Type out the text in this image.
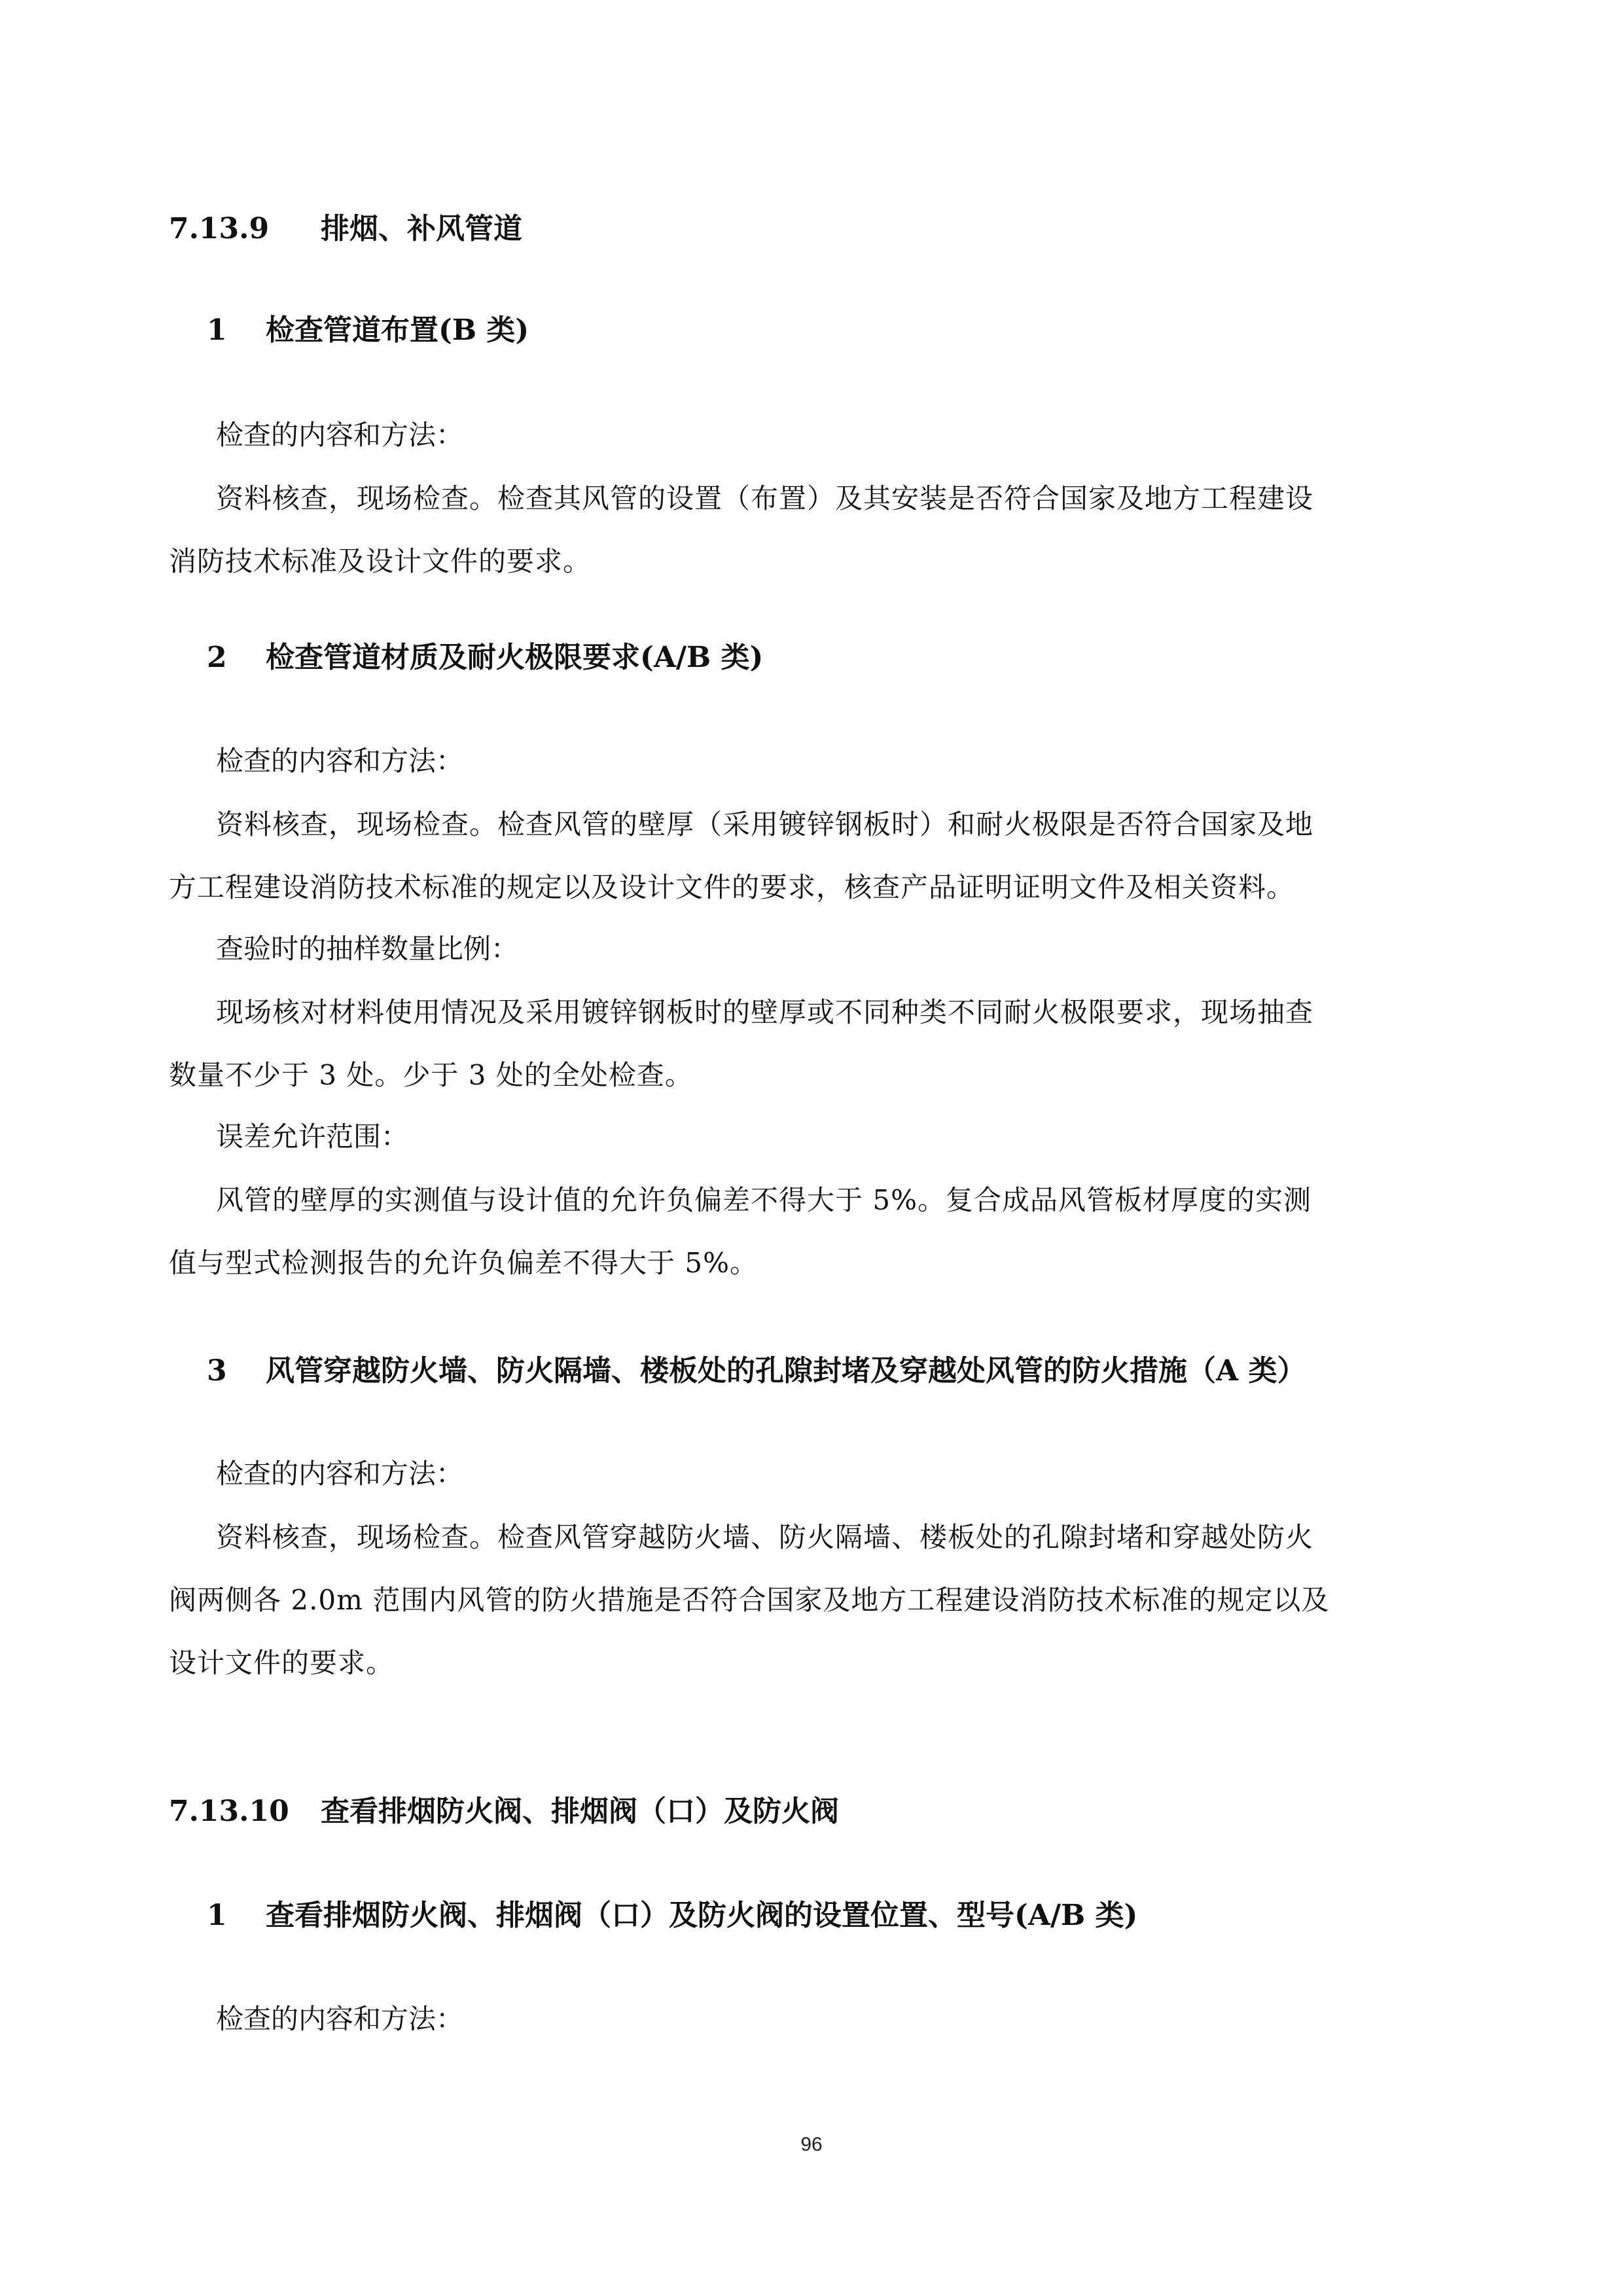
7.13.9 排烟、补风管道
1 检查管道布置(B 类)
检查的内容和方法：
资料核查，现场检查。检查其风管的设置（布置）及其安装是否符合国家及地方工程建设
消防技术标准及设计文件的要求。
2 检查管道材质及耐火极限要求(A/B 类)
检查的内容和方法：
资料核查，现场检查。检查风管的壁厚（采用镀锌钢板时）和耐火极限是否符合国家及地
方工程建设消防技术标准的规定以及设计文件的要求，核查产品证明证明文件及相关资料。
查验时的抽样数量比例：
现场核对材料使用情况及采用镀锌钢板时的壁厚或不同种类不同耐火极限要求，现场抽查
数量不少于 3 处。少于 3 处的全处检查。
误差允许范围：
风管的壁厚的实测值与设计值的允许负偏差不得大于 5%。复合成品风管板材厚度的实测
值与型式检测报告的允许负偏差不得大于 5%。
3 风管穿越防火墙、防火隔墙、楼板处的孔隙封堵及穿越处风管的防火措施（A 类）
检查的内容和方法：
资料核查，现场检查。检查风管穿越防火墙、防火隔墙、楼板处的孔隙封堵和穿越处防火
阀两侧各 2.0m 范围内风管的防火措施是否符合国家及地方工程建设消防技术标准的规定以及
设计文件的要求。
7.13.10 查看排烟防火阀、排烟阀（口）及防火阀
1 查看排烟防火阀、排烟阀（口）及防火阀的设置位置、型号(A/B 类)
检查的内容和方法：
96
